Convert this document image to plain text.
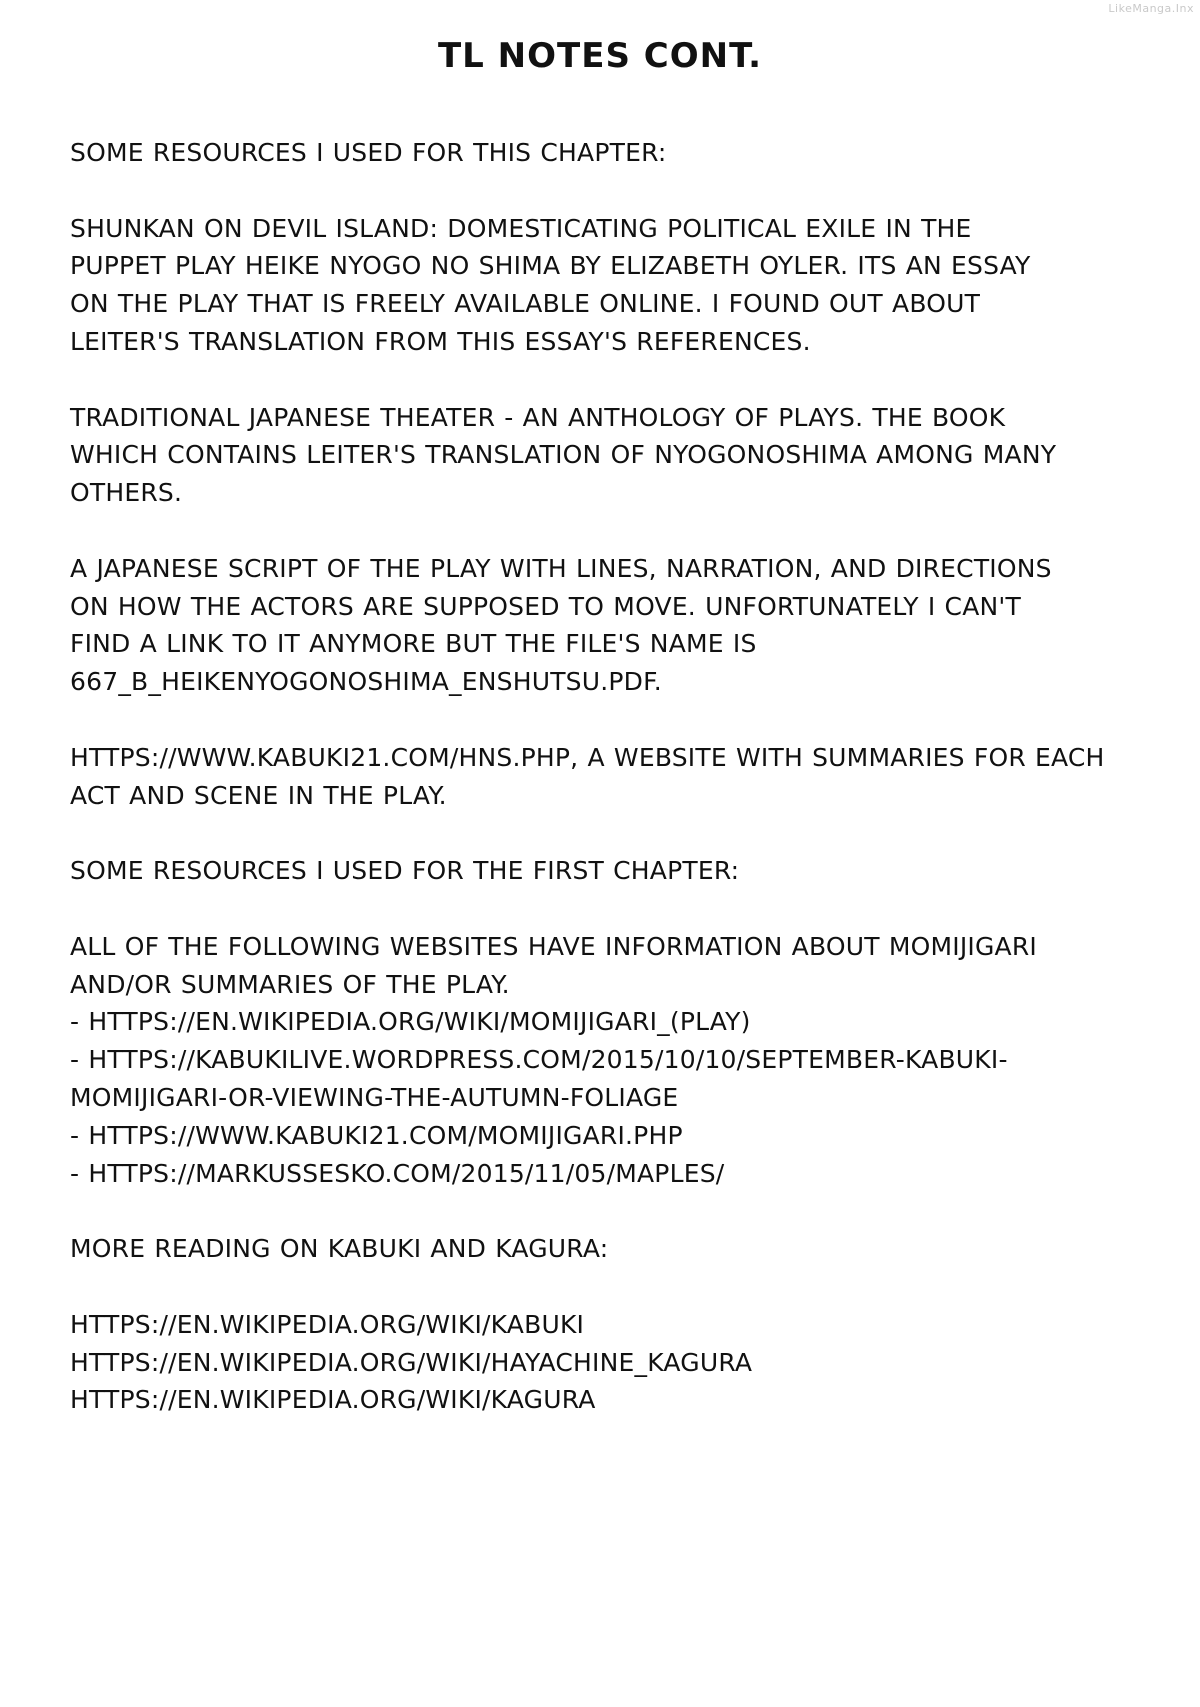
LikeManga.Inx
TL NOTES CONT.
SOME RESOURCES I USED FOR THIS CHAPTER:
SHUNKAN ON DEVIL ISLAND: DOMESTICATING POLITICAL EXILE IN THE
PUPPET PLAY HEIKE NYOGO NO SHIMA BY ELIZABETH OYLER. ITS AN ESSAY
ON THE PLAY THAT IS FREELY AVAILABLE ONLINE. I FOUND OUT ABOUT
LEITER'S TRANSLATION FROM THIS ESSAY'S REFERENCES.
TRADITIONAL JAPANESE THEATER - AN ANTHOLOGY OF PLAYS. THE BOOK
WHICH CONTAINS LEITER'S TRANSLATION OF NYOGONOSHIMA AMONG MANY
OTHERS.
A JAPANESE SCRIPT OF THE PLAY WITH LINES, NARRATION, AND DIRECTIONS
ON HOW THE ACTORS ARE SUPPOSED TO MOVE. UNFORTUNATELY I CAN'T
FIND A LINK TO IT ANYMORE BUT THE FILE'S NAME IS
667_B_HEIKENYOGONOSHIMA_ENSHUTSU.PDF.
HTTPS://WWW.KABUKI21.COM/HNS.PHP, A WEBSITE WITH SUMMARIES FOR EACH
ACT AND SCENE IN THE PLAY.
SOME RESOURCES I USED FOR THE FIRST CHAPTER:
ALL OF THE FOLLOWING WEBSITES HAVE INFORMATION ABOUT MOMIJIGARI
AND/OR SUMMARIES OF THE PLAY.
- HTTPS://EN.WIKIPEDIA.ORG/WIKI/MOMIJIGARI_(PLAY)
- HTTPS://KABUKILIVE.WORDPRESS.COM/2015/10/10/SEPTEMBER-KABUKI-
MOMIJIGARI-OR-VIEWING-THE-AUTUMN-FOLIAGE
- HTTPS://WWW.KABUKI21.COM/MOMIJIGARI.PHP
- HTTPS://MARKUSSESKO.COM/2015/11/05/MAPLES/
MORE READING ON KABUKI AND KAGURA:
HTTPS://EN.WIKIPEDIA.ORG/WIKI/KABUKI
HTTPS://EN.WIKIPEDIA.ORG/WIKI/HAYACHINE_KAGURA
HTTPS://EN.WIKIPEDIA.ORG/WIKI/KAGURA
